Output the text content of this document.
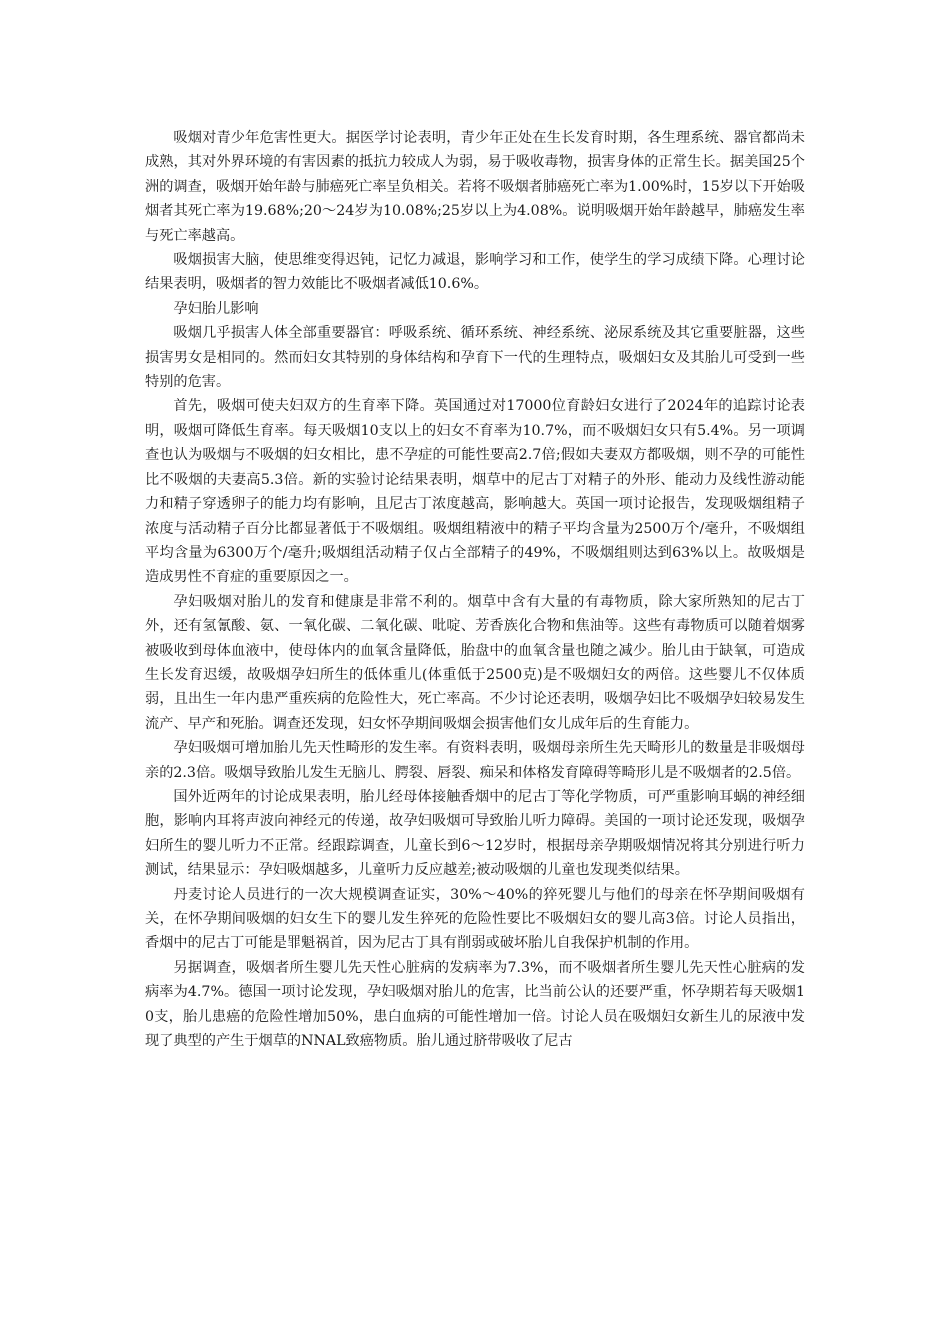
吸烟对青少年危害性更大。据医学讨论表明，青少年正处在生长发育时期，各生理系统、器官都尚未成熟，其对外界环境的有害因素的抵抗力较成人为弱，易于吸收毒物，损害身体的正常生长。据美国25个洲的调查，吸烟开始年龄与肺癌死亡率呈负相关。若将不吸烟者肺癌死亡率为1.00%时，15岁以下开始吸烟者其死亡率为19.68%;20～24岁为10.08%;25岁以上为4.08%。说明吸烟开始年龄越早，肺癌发生率与死亡率越高。

吸烟损害大脑，使思维变得迟钝，记忆力减退，影响学习和工作，使学生的学习成绩下降。心理讨论结果表明，吸烟者的智力效能比不吸烟者减低10.6%。

孕妇胎儿影响

吸烟几乎损害人体全部重要器官：呼吸系统、循环系统、神经系统、泌尿系统及其它重要脏器，这些损害男女是相同的。然而妇女其特别的身体结构和孕育下一代的生理特点，吸烟妇女及其胎儿可受到一些特别的危害。

首先，吸烟可使夫妇双方的生育率下降。英国通过对17000位育龄妇女进行了2024年的追踪讨论表明，吸烟可降低生育率。每天吸烟10支以上的妇女不育率为10.7%，而不吸烟妇女只有5.4%。另一项调查也认为吸烟与不吸烟的妇女相比，患不孕症的可能性要高2.7倍;假如夫妻双方都吸烟，则不孕的可能性比不吸烟的夫妻高5.3倍。新的实验讨论结果表明，烟草中的尼古丁对精子的外形、能动力及线性游动能力和精子穿透卵子的能力均有影响，且尼古丁浓度越高，影响越大。英国一项讨论报告，发现吸烟组精子浓度与活动精子百分比都显著低于不吸烟组。吸烟组精液中的精子平均含量为2500万个/毫升，不吸烟组平均含量为6300万个/毫升;吸烟组活动精子仅占全部精子的49%，不吸烟组则达到63%以上。故吸烟是造成男性不育症的重要原因之一。

孕妇吸烟对胎儿的发育和健康是非常不利的。烟草中含有大量的有毒物质，除大家所熟知的尼古丁外，还有氢氰酸、氨、一氧化碳、二氧化碳、吡啶、芳香族化合物和焦油等。这些有毒物质可以随着烟雾被吸收到母体血液中，使母体内的血氧含量降低，胎盘中的血氧含量也随之减少。胎儿由于缺氧，可造成生长发育迟缓，故吸烟孕妇所生的低体重儿(体重低于2500克)是不吸烟妇女的两倍。这些婴儿不仅体质弱，且出生一年内患严重疾病的危险性大，死亡率高。不少讨论还表明，吸烟孕妇比不吸烟孕妇较易发生流产、早产和死胎。调查还发现，妇女怀孕期间吸烟会损害他们女儿成年后的生育能力。

孕妇吸烟可增加胎儿先天性畸形的发生率。有资料表明，吸烟母亲所生先天畸形儿的数量是非吸烟母亲的2.3倍。吸烟导致胎儿发生无脑儿、腭裂、唇裂、痴呆和体格发育障碍等畸形儿是不吸烟者的2.5倍。

国外近两年的讨论成果表明，胎儿经母体接触香烟中的尼古丁等化学物质，可严重影响耳蜗的神经细胞，影响内耳将声波向神经元的传递，故孕妇吸烟可导致胎儿听力障碍。美国的一项讨论还发现，吸烟孕妇所生的婴儿听力不正常。经跟踪调查，儿童长到6～12岁时，根据母亲孕期吸烟情况将其分别进行听力测试，结果显示：孕妇吸烟越多，儿童听力反应越差;被动吸烟的儿童也发现类似结果。

丹麦讨论人员进行的一次大规模调查证实，30%～40%的猝死婴儿与他们的母亲在怀孕期间吸烟有关，在怀孕期间吸烟的妇女生下的婴儿发生猝死的危险性要比不吸烟妇女的婴儿高3倍。讨论人员指出，香烟中的尼古丁可能是罪魁祸首，因为尼古丁具有削弱或破坏胎儿自我保护机制的作用。

另据调查，吸烟者所生婴儿先天性心脏病的发病率为7.3%，而不吸烟者所生婴儿先天性心脏病的发病率为4.7%。德国一项讨论发现，孕妇吸烟对胎儿的危害，比当前公认的还要严重，怀孕期若每天吸烟10支，胎儿患癌的危险性增加50%，患白血病的可能性增加一倍。讨论人员在吸烟妇女新生儿的尿液中发现了典型的产生于烟草的NNAL致癌物质。胎儿通过脐带吸收了尼古
